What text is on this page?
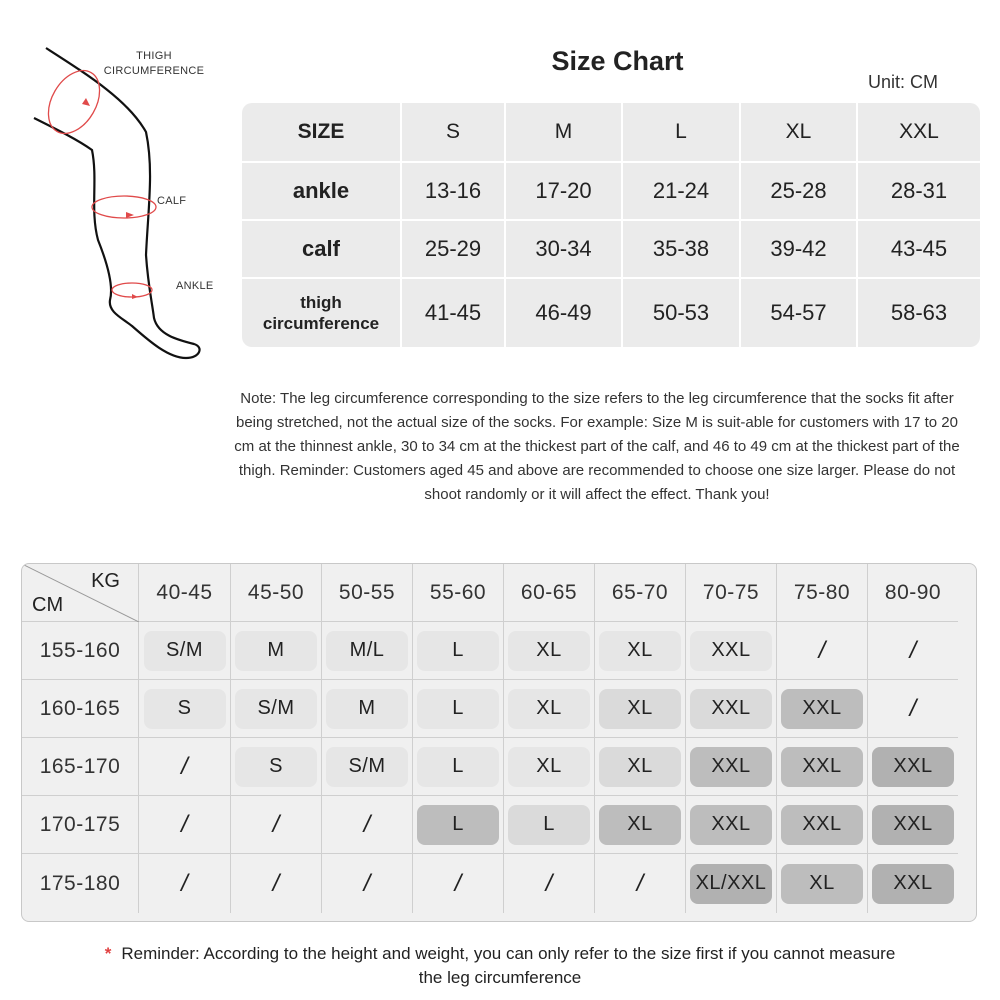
THIGH
CIRCUMFERENCE
CALF
ANKLE
Size Chart
Unit: CM
SIZE	S	M	L	XL	XXL
ankle	13-16	17-20	21-24	25-28	28-31
calf	25-29	30-34	35-38	39-42	43-45
thigh
circumference	41-45	46-49	50-53	54-57	58-63
Note: The leg circumference corresponding to the size refers to the leg circumference that the socks fit after being stretched, not the actual size of the socks. For example: Size M is suit-able for customers with 17 to 20 cm at the thinnest ankle, 30 to 34 cm at the thickest part of the calf, and 46 to 49 cm at the thickest part of the thigh. Reminder: Customers aged 45 and above are recommended to choose one size larger. Please do not shoot randomly or it will affect the effect. Thank you!
KG
CM
40-45	45-50	50-55	55-60	60-65	65-70	70-75	75-80	80-90
155-160	S/M	M	M/L	L	XL	XL	XXL	/	/
160-165	S	S/M	M	L	XL	XL	XXL	XXL	/
165-170	/	S	S/M	L	XL	XL	XXL	XXL	XXL
170-175	/	/	/	L	L	XL	XXL	XXL	XXL
175-180	/	/	/	/	/	/	XL/XXL	XL	XXL
* Reminder: According to the height and weight, you can only refer to the size first if you cannot measure the leg circumference
